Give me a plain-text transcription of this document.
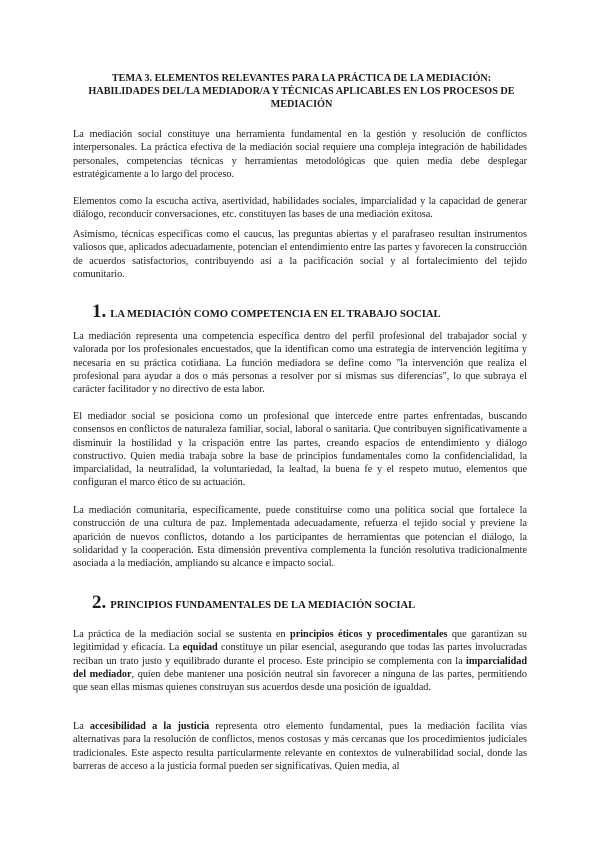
TEMA 3. ELEMENTOS RELEVANTES PARA LA PRÁCTICA DE LA MEDIACIÓN: HABILIDADES DEL/LA MEDIADOR/A Y TÉCNICAS APLICABLES EN LOS PROCESOS DE MEDIACIÓN

La mediación social constituye una herramienta fundamental en la gestión y resolución de conflictos interpersonales. La práctica efectiva de la mediación social requiere una compleja integración de habilidades personales, competencias técnicas y herramientas metodológicas que quien media debe desplegar estratégicamente a lo largo del proceso.

Elementos como la escucha activa, asertividad, habilidades sociales, imparcialidad y la capacidad de generar diálogo, reconducir conversaciones, etc. constituyen las bases de una mediación exitosa.

Asimismo, técnicas específicas como el caucus, las preguntas abiertas y el parafraseo resultan instrumentos valiosos que, aplicados adecuadamente, potencian el entendimiento entre las partes y favorecen la construcción de acuerdos satisfactorios, contribuyendo así a la pacificación social y al fortalecimiento del tejido comunitario.

1. LA MEDIACIÓN COMO COMPETENCIA EN EL TRABAJO SOCIAL

La mediación representa una competencia específica dentro del perfil profesional del trabajador social y valorada por los profesionales encuestados, que la identifican como una estrategia de intervención legítima y necesaria en su práctica cotidiana. La función mediadora se define como "la intervención que realiza el profesional para ayudar a dos o más personas a resolver por sí mismas sus diferencias", lo que subraya el carácter facilitador y no directivo de esta labor.

El mediador social se posiciona como un profesional que intercede entre partes enfrentadas, buscando consensos en conflictos de naturaleza familiar, social, laboral o sanitaria. Que contribuyen significativamente a disminuir la hostilidad y la crispación entre las partes, creando espacios de entendimiento y diálogo constructivo. Quien media trabaja sobre la base de principios fundamentales como la confidencialidad, la imparcialidad, la neutralidad, la voluntariedad, la lealtad, la buena fe y el respeto mutuo, elementos que configuran el marco ético de su actuación.

La mediación comunitaria, específicamente, puede constituirse como una política social que fortalece la construcción de una cultura de paz. Implementada adecuadamente, refuerza el tejido social y previene la aparición de nuevos conflictos, dotando a los participantes de herramientas que potencian el diálogo, la solidaridad y la cooperación. Esta dimensión preventiva complementa la función resolutiva tradicionalmente asociada a la mediación, ampliando su alcance e impacto social.

2. PRINCIPIOS FUNDAMENTALES DE LA MEDIACIÓN SOCIAL

La práctica de la mediación social se sustenta en principios éticos y procedimentales que garantizan su legitimidad y eficacia. La equidad constituye un pilar esencial, asegurando que todas las partes involucradas reciban un trato justo y equilibrado durante el proceso. Este principio se complementa con la imparcialidad del mediador, quien debe mantener una posición neutral sin favorecer a ninguna de las partes, permitiendo que sean ellas mismas quienes construyan sus acuerdos desde una posición de igualdad.

La accesibilidad a la justicia representa otro elemento fundamental, pues la mediación facilita vías alternativas para la resolución de conflictos, menos costosas y más cercanas que los procedimientos judiciales tradicionales. Este aspecto resulta particularmente relevante en contextos de vulnerabilidad social, donde las barreras de acceso a la justicia formal pueden ser significativas. Quien media, al
